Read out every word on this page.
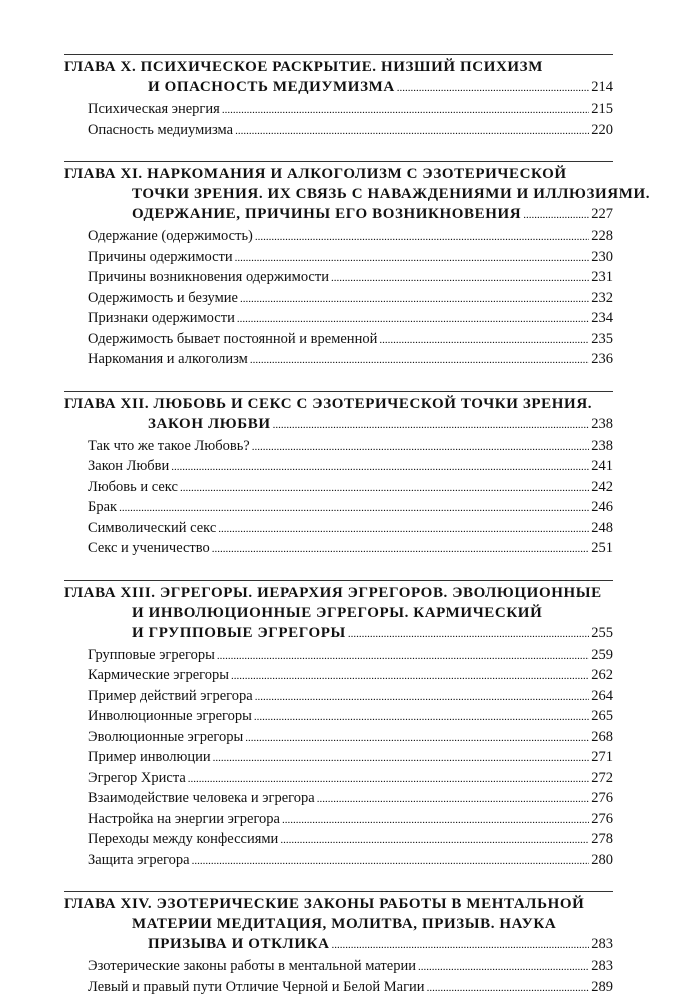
ГЛАВА X. ПСИХИЧЕСКОЕ РАСКРЫТИЕ. НИЗШИЙ ПСИХИЗМ
И ОПАСНОСТЬ МЕДИУМИЗМА .....	214
Психическая энергия .....	215
Опасность медиумизма .....	220
ГЛАВА XI. НАРКОМАНИЯ И АЛКОГОЛИЗМ С ЭЗОТЕРИЧЕСКОЙ
ТОЧКИ ЗРЕНИЯ. ИХ СВЯЗЬ С НАВАЖДЕНИЯМИ И ИЛЛЮЗИЯМИ.
ОДЕРЖАНИЕ, ПРИЧИНЫ ЕГО ВОЗНИКНОВЕНИЯ .....	227
Одержание (одержимость) .....	228
Причины одержимости .....	230
Причины возникновения одержимости .....	231
Одержимость и безумие .....	232
Признаки одержимости .....	234
Одержимость бывает постоянной и временной .....	235
Наркомания и алкоголизм .....	236
ГЛАВА XII. ЛЮБОВЬ И СЕКС С ЭЗОТЕРИЧЕСКОЙ ТОЧКИ ЗРЕНИЯ.
ЗАКОН ЛЮБВИ .....	238
Так что же такое Любовь? .....	238
Закон Любви .....	241
Любовь и секс .....	242
Брак .....	246
Символический секс .....	248
Секс и ученичество .....	251
ГЛАВА XIII. ЭГРЕГОРЫ. ИЕРАРХИЯ ЭГРЕГОРОВ. ЭВОЛЮЦИОННЫЕ
И ИНВОЛЮЦИОННЫЕ ЭГРЕГОРЫ. КАРМИЧЕСКИЙ
И ГРУППОВЫЕ ЭГРЕГОРЫ .....	255
Групповые эгрегоры .....	259
Кармические эгрегоры .....	262
Пример действий эгрегора .....	264
Инволюционные эгрегоры .....	265
Эволюционные эгрегоры .....	268
Пример инволюции .....	271
Эгрегор Христа .....	272
Взаимодействие человека и эгрегора .....	276
Настройка на энергии эгрегора .....	276
Переходы между конфессиями .....	278
Защита эгрегора .....	280
ГЛАВА XIV. ЭЗОТЕРИЧЕСКИЕ ЗАКОНЫ РАБОТЫ В МЕНТАЛЬНОЙ
МАТЕРИИ МЕДИТАЦИЯ, МОЛИТВА, ПРИЗЫВ. НАУКА
ПРИЗЫВА И ОТКЛИКА .....	283
Эзотерические законы работы в ментальной материи .....	283
Левый и правый пути Отличие Черной и Белой Магии .....	289
